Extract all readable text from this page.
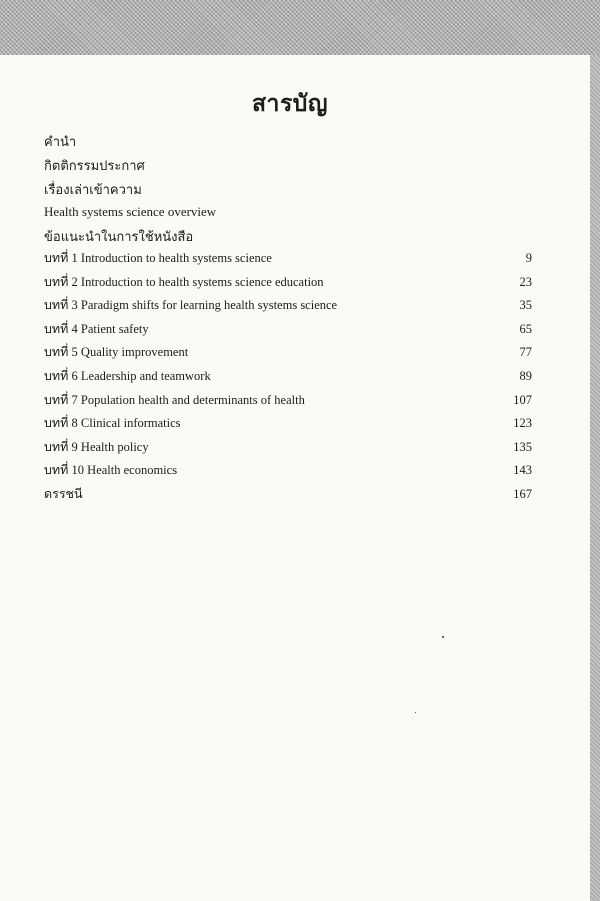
สารบัญ
คำนำ
กิตติกรรมประกาศ
เรื่องเล่าเข้าความ
Health systems science overview
ข้อแนะนำในการใช้หนังสือ
บทที่ 1 Introduction to health systems science	9
บทที่ 2 Introduction to health systems science education	23
บทที่ 3 Paradigm shifts for learning health systems science	35
บทที่ 4 Patient safety	65
บทที่ 5 Quality improvement	77
บทที่ 6 Leadership and teamwork	89
บทที่ 7 Population health and determinants of health	107
บทที่ 8 Clinical informatics	123
บทที่ 9 Health policy	135
บทที่ 10 Health economics	143
ดรรชนี	167
